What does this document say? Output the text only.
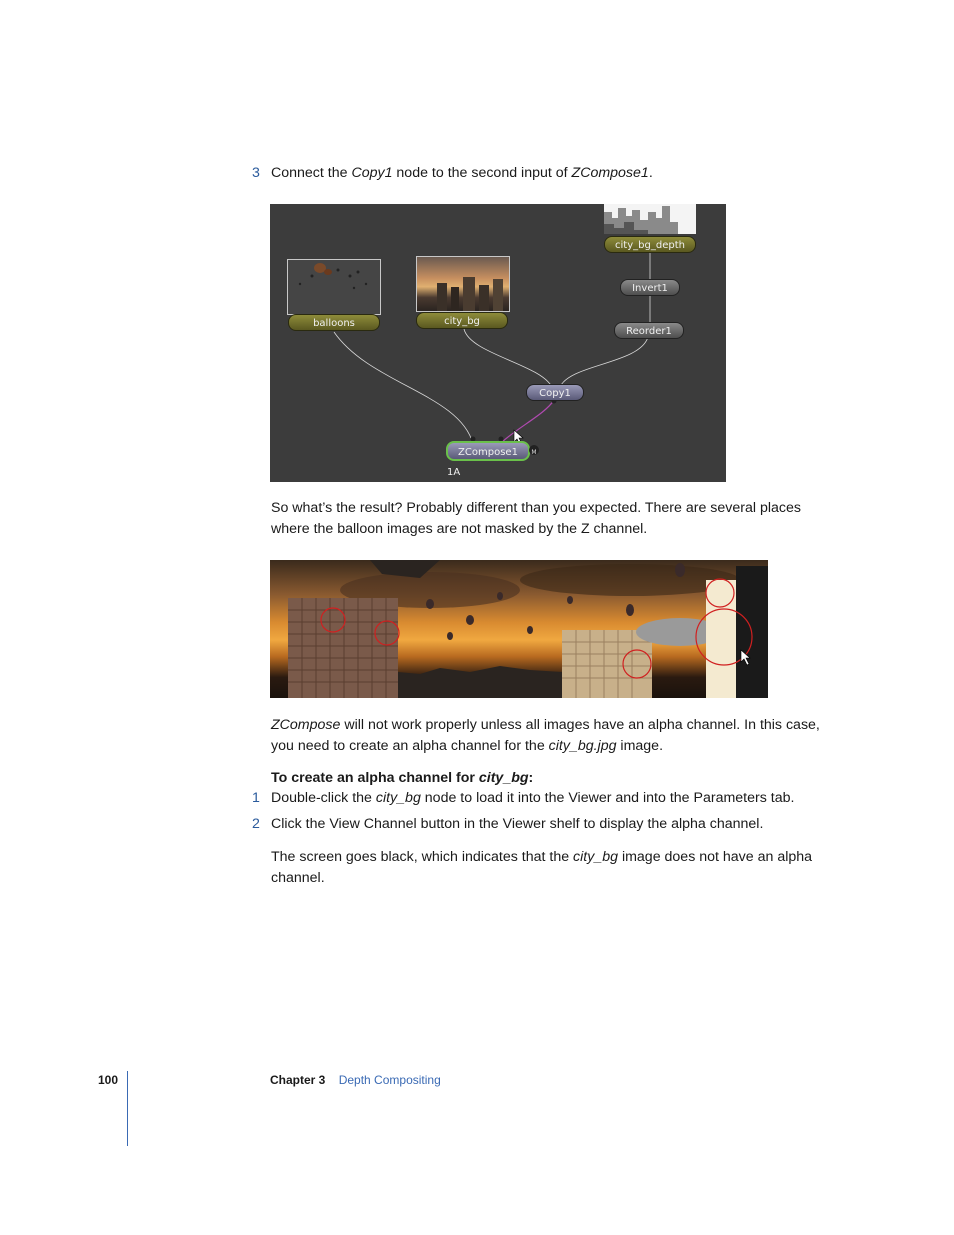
3 Connect the Copy1 node to the second input of ZCompose1.
city_bg_depth
Invert1
Reorder1
balloons	city_bg
Copy1
ZCompose1	M
1A
So what’s the result? Probably different than you expected. There are several places
where the balloon images are not masked by the Z channel.
ZCompose will not work properly unless all images have an alpha channel. In this case,
you need to create an alpha channel for the city_bg.jpg image.
To create an alpha channel for city_bg:
1 Double-click the city_bg node to load it into the Viewer and into the Parameters tab.
2 Click the View Channel button in the Viewer shelf to display the alpha channel.
The screen goes black, which indicates that the city_bg image does not have an alpha
channel.
100	Chapter 3 Depth Compositing
